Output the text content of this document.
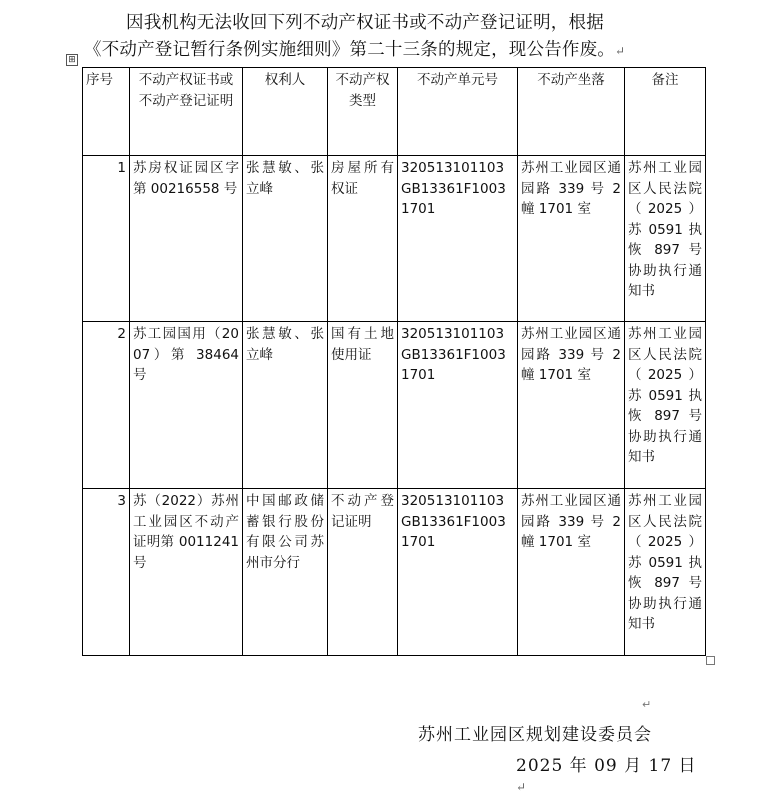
因我机构无法收回下列不动产权证书或不动产登记证明，根据

《不动产登记暂行条例实施细则》第二十三条的规定，现公告作废。↵

⊞
序号	不动产权证书或不动产登记证明	权利人	不动产权类型	不动产单元号	不动产坐落	备注
1	苏房权证园区字第 00216558 号	张慧敏、张立峰	房屋所有权证	320513101103GB13361F10031701	苏州工业园区通园路 339 号 2 幢 1701 室	苏州工业园区人民法院（2025）苏 0591 执恢 897 号协助执行通知书
2	苏工园国用（2007）第 38464 号	张慧敏、张立峰	国有土地使用证	320513101103GB13361F10031701	苏州工业园区通园路 339 号 2 幢 1701 室	苏州工业园区人民法院（2025）苏 0591 执恢 897 号协助执行通知书
3	苏（2022）苏州工业园区不动产证明第 0011241 号	中国邮政储蓄银行股份有限公司苏州市分行	不动产登记证明	320513101103GB13361F10031701	苏州工业园区通园路 339 号 2 幢 1701 室	苏州工业园区人民法院（2025）苏 0591 执恢 897 号协助执行通知书
↵
苏州工业园区规划建设委员会
2025 年 09 月 17 日↵
